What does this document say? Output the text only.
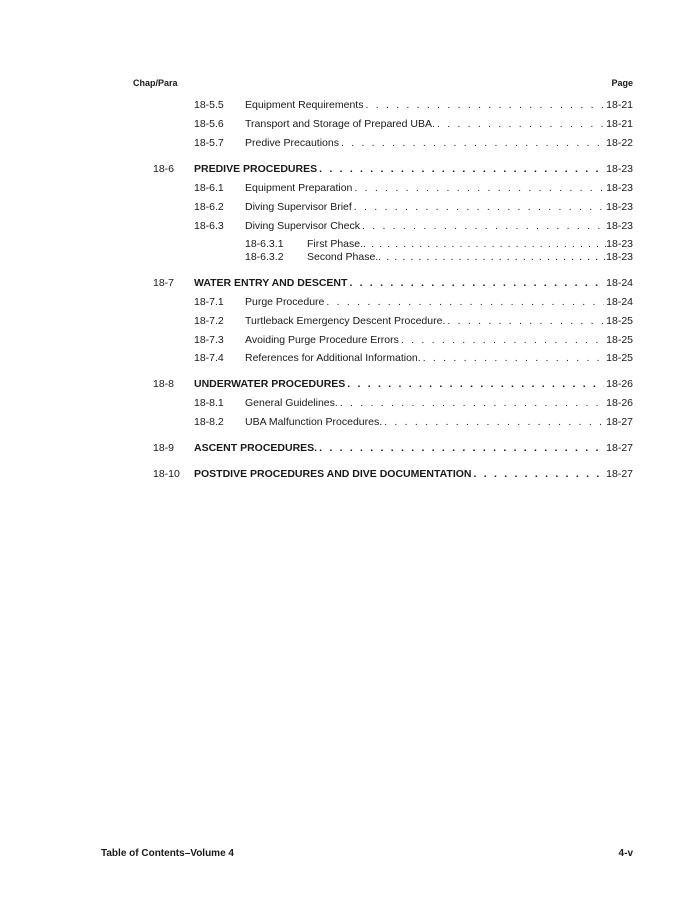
Chap/Para	Page
18-5.5 Equipment Requirements . . .	18-21
18-5.6 Transport and Storage of Prepared UBA. . . .	18-21
18-5.7 Predive Precautions . . .	18-22
18-6 PREDIVE PROCEDURES . . .	18-23
18-6.1 Equipment Preparation . . .	18-23
18-6.2 Diving Supervisor Brief . . .	18-23
18-6.3 Diving Supervisor Check . . .	18-23
18-6.3.1 First Phase. . . .	18-23
18-6.3.2 Second Phase. . . .	18-23
18-7 WATER ENTRY AND DESCENT . . .	18-24
18-7.1 Purge Procedure . . .	18-24
18-7.2 Turtleback Emergency Descent Procedure. . . .	18-25
18-7.3 Avoiding Purge Procedure Errors . . .	18-25
18-7.4 References for Additional Information. . . .	18-25
18-8 UNDERWATER PROCEDURES . . .	18-26
18-8.1 General Guidelines. . . .	18-26
18-8.2 UBA Malfunction Procedures. . . .	18-27
18-9 ASCENT PROCEDURES. . . .	18-27
18-10 POSTDIVE PROCEDURES AND DIVE DOCUMENTATION . . .	18-27
Table of Contents–Volume 4	4-v
